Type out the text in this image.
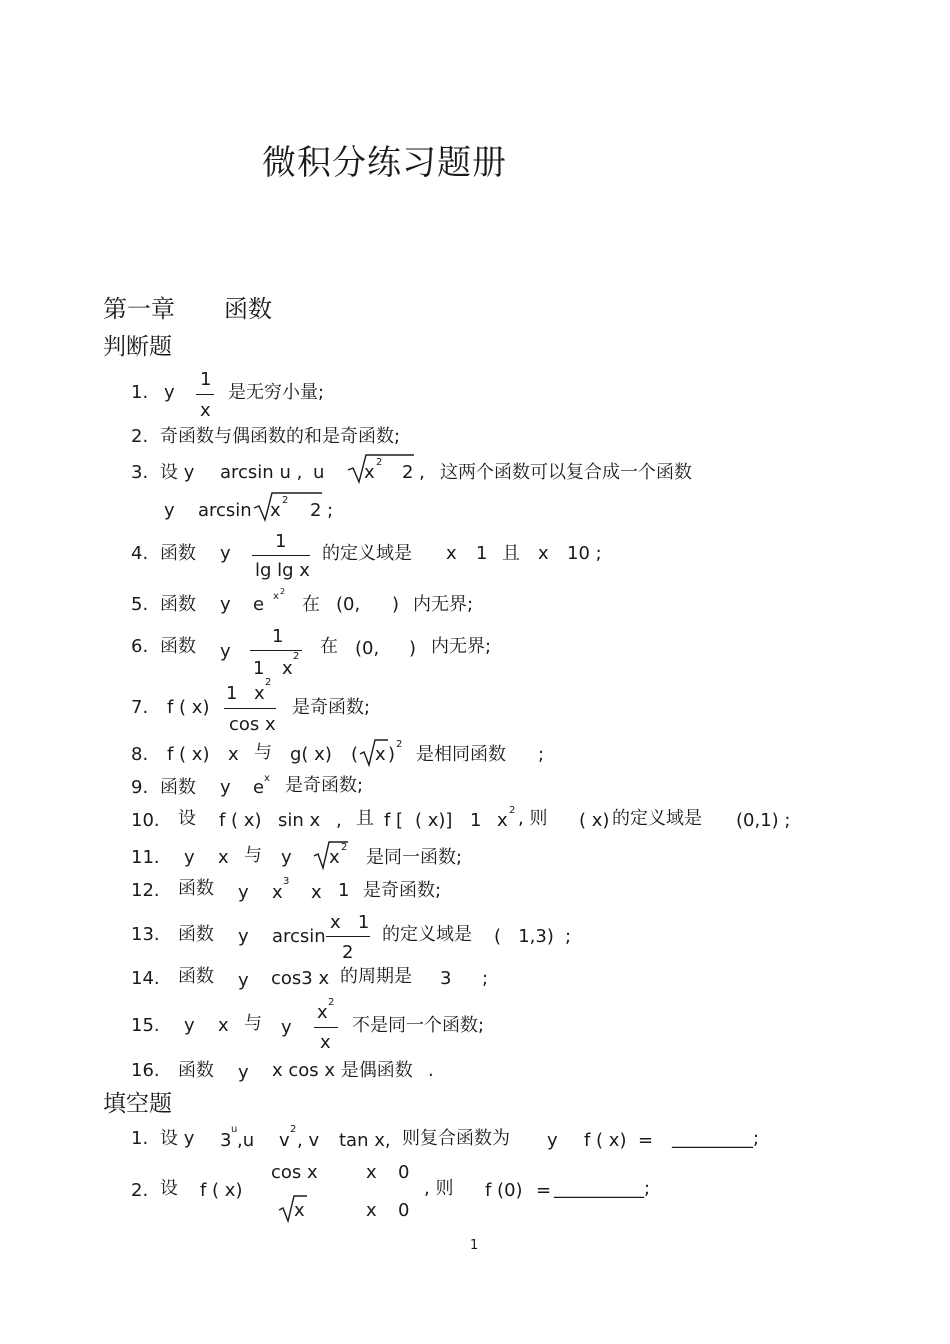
微积分练习题册
第一章 函数
判断题
1. y
1
x
是无穷小量;
2. 奇函数与偶函数的和是奇函数;
3. 设 y arcsin u , u x 2 2 , 这两个函数可以复合成一个函数
y arcsin x 2 2 ;
4. 函数 y
1
lg lg x
的定义域是 x 1 且 x 10 ;
5. 函数 y e x 2
在 (0, ) 内无界;
6. 函数 y
1
1 x
2 在 (0, ) 内无界;
7. f ( x)
1 x
2
cos x
是奇函数;
8. f ( x) x 与 g( x) ( x ) 2 是相同函数 ;
9. 函数 y e x 是奇函数;
10. 设 f ( x) sin x , 且 f [ ( x)] 1 x 2 , 则 ( x) 的定义域是 (0,1) ;
11. y x 与 y x 2 是同一函数;
12. 函数 y x
3
x 1 是奇函数;
13. 函数 y arcsin
x   1
2
的定义域是 (   1,3) ;
14. 函数 y cos3 x 的周期是 3 ;
15. y x 与 y
x 2
x
不是同一个函数;
16. 函数 y x cos x 是偶函数 .
填空题
1. 设 y 3
u
,u v
2
, v tan x, 则复合函数为 y f ( x) = _________;
2. 设 f ( x)
cos x	x 0
x	x 0
, 则 f (0) = __________;
1
